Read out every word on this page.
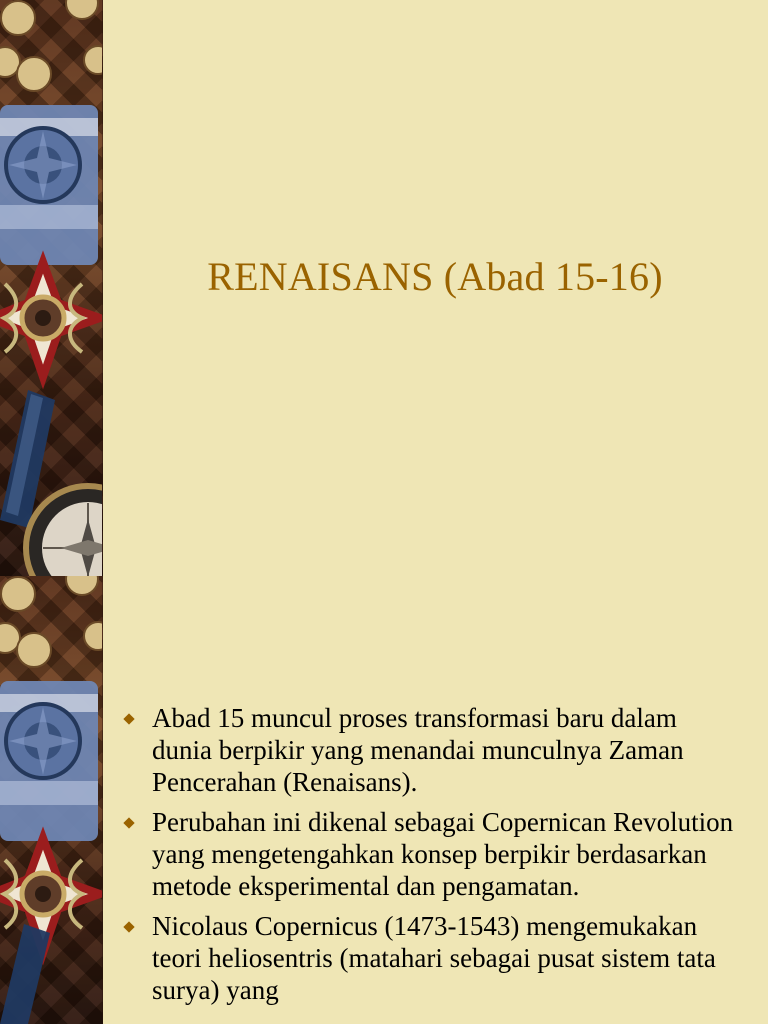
RENAISANS (Abad 15-16)
Abad 15 muncul proses transformasi baru dalam dunia berpikir yang menandai munculnya Zaman Pencerahan (Renaisans).
Perubahan ini dikenal sebagai Copernican Revolution yang mengetengahkan konsep berpikir berdasarkan metode eksperimental dan pengamatan.
Nicolaus Copernicus (1473-1543) mengemukakan teori heliosentris (matahari sebagai pusat sistem tata surya) yang
